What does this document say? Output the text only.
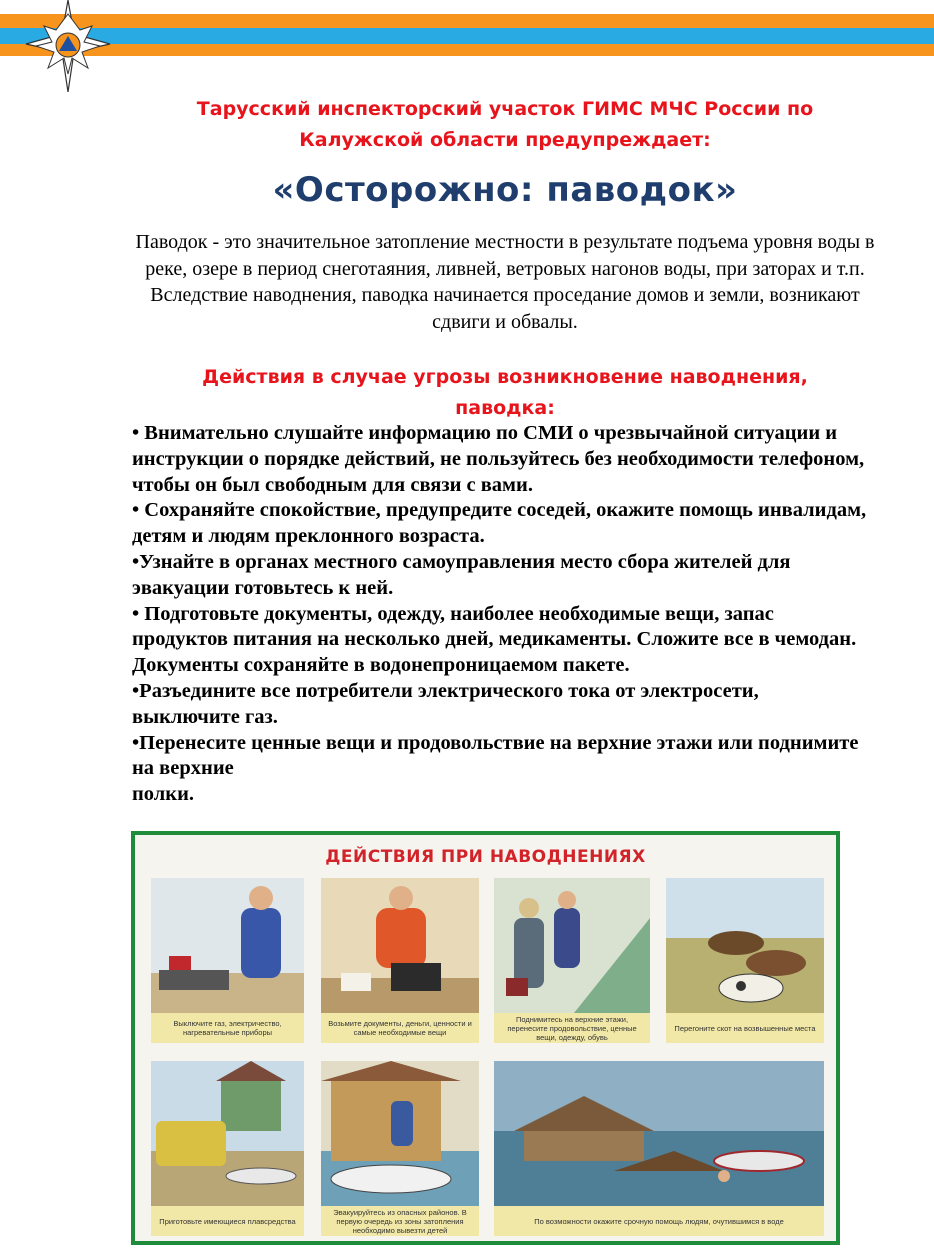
Тарусский инспекторский участок ГИМС МЧС России по
Калужской области предупреждает:
«Осторожно: паводок»
Паводок - это значительное затопление местности в результате подъема уровня воды в реке, озере в период снеготаяния, ливней, ветровых нагонов воды, при заторах и т.п. Вследствие наводнения, паводка начинается проседание домов и земли, возникают сдвиги и обвалы.
Действия в случае угрозы возникновение наводнения,
паводка:

• Внимательно слушайте информацию по СМИ о чрезвычайной ситуации и инструкции о порядке действий, не пользуйтесь без необходимости телефоном, чтобы он был свободным для связи с вами.

• Сохраняйте спокойствие, предупредите соседей, окажите помощь инвалидам, детям и людям преклонного возраста.

•Узнайте в органах местного самоуправления место сбора жителей для эвакуации готовьтесь к ней.

• Подготовьте документы, одежду, наиболее необходимые вещи, запас продуктов питания на несколько дней, медикаменты. Сложите все в чемодан. Документы сохраняйте в водонепроницаемом пакете.

•Разъедините все потребители электрического тока от электросети, выключите газ.

•Перенесите ценные вещи и продовольствие на верхние этажи или поднимите на верхние

полки.

ДЕЙСТВИЯ ПРИ НАВОДНЕНИЯХ
Выключите газ, электричество, нагревательные приборы
Возьмите документы, деньги, ценности и самые необходимые вещи
Поднимитесь на верхние этажи, перенесите продовольствие, ценные вещи, одежду, обувь
Перегоните скот на возвышенные места
Приготовьте имеющиеся плавсредства
Эвакуируйтесь из опасных районов. В первую очередь из зоны затопления необходимо вывезти детей
По возможности окажите срочную помощь людям, очутившимся в воде
